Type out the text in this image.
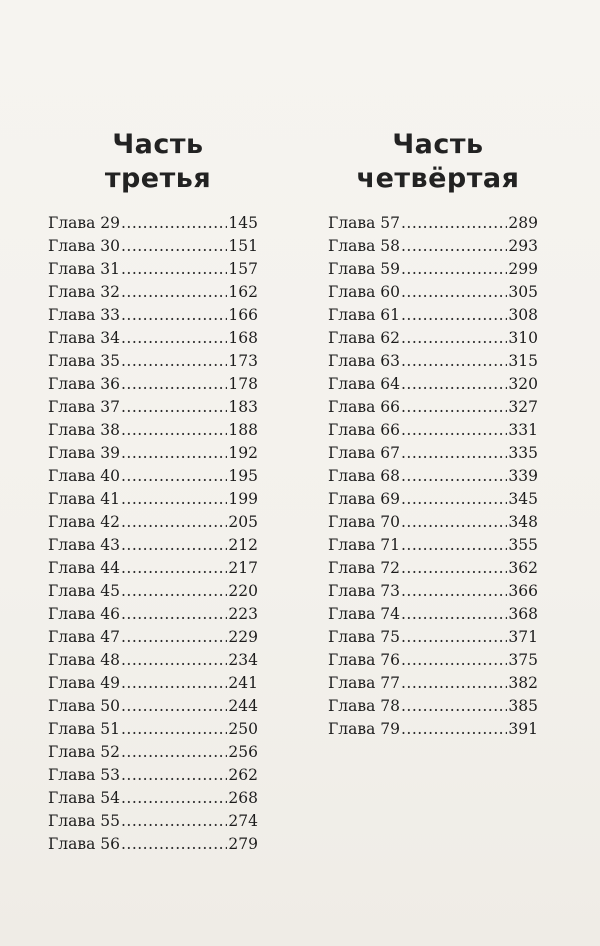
Часть
третья
Глава 29 .....	145
Глава 30 .....	151
Глава 31 .....	157
Глава 32 .....	162
Глава 33 .....	166
Глава 34 .....	168
Глава 35 .....	173
Глава 36 .....	178
Глава 37 .....	183
Глава 38 .....	188
Глава 39 .....	192
Глава 40 .....	195
Глава 41 .....	199
Глава 42 .....	205
Глава 43 .....	212
Глава 44 .....	217
Глава 45 .....	220
Глава 46 .....	223
Глава 47 .....	229
Глава 48 .....	234
Глава 49 .....	241
Глава 50 .....	244
Глава 51 .....	250
Глава 52 .....	256
Глава 53 .....	262
Глава 54 .....	268
Глава 55 .....	274
Глава 56 .....	279
Часть
четвёртая
Глава 57 .....	289
Глава 58 .....	293
Глава 59 .....	299
Глава 60 .....	305
Глава 61 .....	308
Глава 62 .....	310
Глава 63 .....	315
Глава 64 .....	320
Глава 66 .....	327
Глава 66 .....	331
Глава 67 .....	335
Глава 68 .....	339
Глава 69 .....	345
Глава 70 .....	348
Глава 71 .....	355
Глава 72 .....	362
Глава 73 .....	366
Глава 74 .....	368
Глава 75 .....	371
Глава 76 .....	375
Глава 77 .....	382
Глава 78 .....	385
Глава 79 .....	391
